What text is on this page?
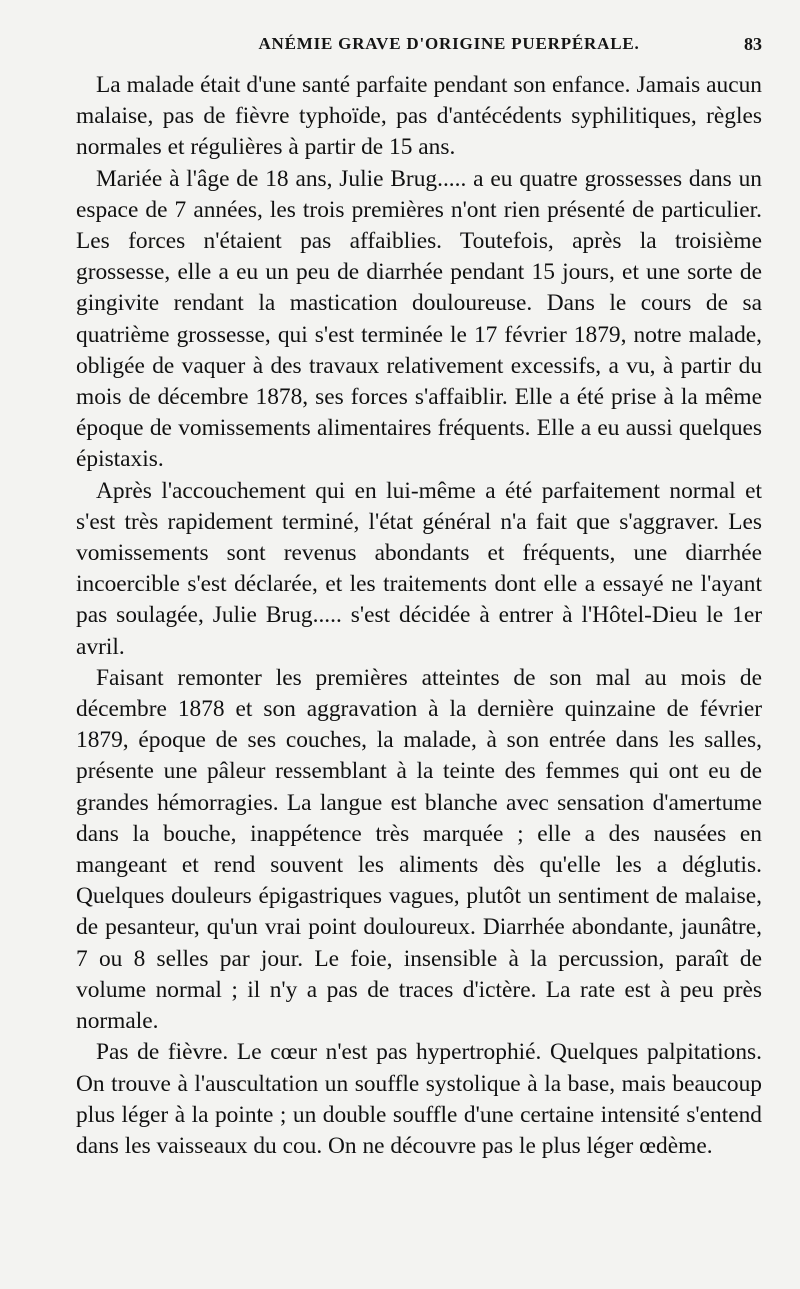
ANÉMIE GRAVE D'ORIGINE PUERPÉRALE.	83

La malade était d'une santé parfaite pendant son enfance. Jamais aucun malaise, pas de fièvre typhoïde, pas d'antécédents syphilitiques, règles normales et régulières à partir de 15 ans.

Mariée à l'âge de 18 ans, Julie Brug..... a eu quatre grossesses dans un espace de 7 années, les trois premières n'ont rien présenté de particulier. Les forces n'étaient pas affaiblies. Toutefois, après la troisième grossesse, elle a eu un peu de diarrhée pendant 15 jours, et une sorte de gingivite rendant la mastication douloureuse. Dans le cours de sa quatrième grossesse, qui s'est terminée le 17 février 1879, notre malade, obligée de vaquer à des travaux relativement excessifs, a vu, à partir du mois de décembre 1878, ses forces s'affaiblir. Elle a été prise à la même époque de vomissements alimentaires fréquents. Elle a eu aussi quelques épistaxis.

Après l'accouchement qui en lui-même a été parfaitement normal et s'est très rapidement terminé, l'état général n'a fait que s'aggraver. Les vomissements sont revenus abondants et fréquents, une diarrhée incoercible s'est déclarée, et les traitements dont elle a essayé ne l'ayant pas soulagée, Julie Brug..... s'est décidée à entrer à l'Hôtel-Dieu le 1er avril.

Faisant remonter les premières atteintes de son mal au mois de décembre 1878 et son aggravation à la dernière quinzaine de février 1879, époque de ses couches, la malade, à son entrée dans les salles, présente une pâleur ressemblant à la teinte des femmes qui ont eu de grandes hémorragies. La langue est blanche avec sensation d'amertume dans la bouche, inappétence très marquée ; elle a des nausées en mangeant et rend souvent les aliments dès qu'elle les a déglutis. Quelques douleurs épigastriques vagues, plutôt un sentiment de malaise, de pesanteur, qu'un vrai point douloureux. Diarrhée abondante, jaunâtre, 7 ou 8 selles par jour. Le foie, insensible à la percussion, paraît de volume normal ; il n'y a pas de traces d'ictère. La rate est à peu près normale.

Pas de fièvre. Le cœur n'est pas hypertrophié. Quelques palpitations. On trouve à l'auscultation un souffle systolique à la base, mais beaucoup plus léger à la pointe ; un double souffle d'une certaine intensité s'entend dans les vaisseaux du cou. On ne découvre pas le plus léger œdème.
